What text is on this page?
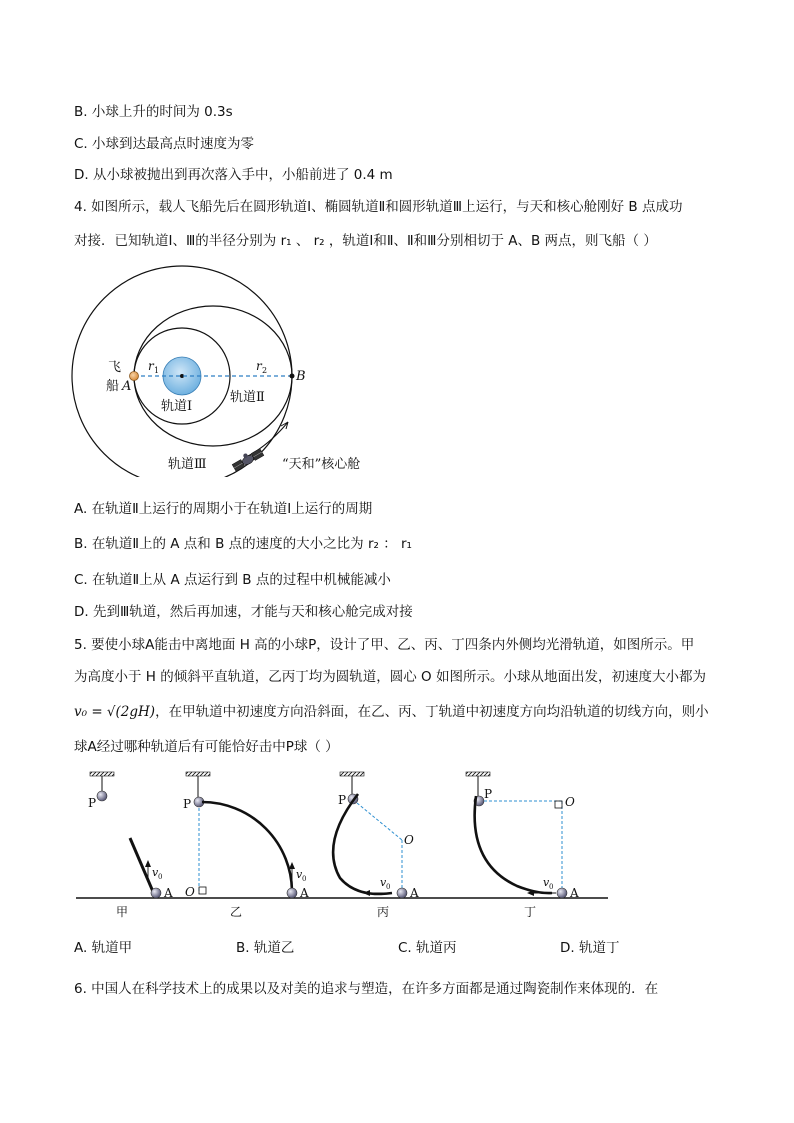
B. 小球上升的时间为 0.3s
C. 小球到达最高点时速度为零
D. 从小球被抛出到再次落入手中，小船前进了 0.4 m
4. 如图所示，载人飞船先后在圆形轨道Ⅰ、椭圆轨道Ⅱ和圆形轨道Ⅲ上运行，与天和核心舱刚好 B 点成功
对接．已知轨道Ⅰ、Ⅲ的半径分别为 r₁ 、 r₂ ，轨道Ⅰ和Ⅱ、Ⅱ和Ⅲ分别相切于 A、B 两点，则飞船（ ）
飞
船 A
B
r 1	r 2
轨道Ⅰ
轨道Ⅱ
轨道Ⅲ	“天和”核心舱
A. 在轨道Ⅱ上运行的周期小于在轨道Ⅰ上运行的周期
B. 在轨道Ⅱ上的 A 点和 B 点的速度的大小之比为 r₂ ： r₁
C. 在轨道Ⅱ上从 A 点运行到 B 点的过程中机械能减小
D. 先到Ⅲ轨道，然后再加速，才能与天和核心舱完成对接
5. 要使小球A能击中离地面 H 高的小球P，设计了甲、乙、丙、丁四条内外侧均光滑轨道，如图所示。甲
为高度小于 H 的倾斜平直轨道，乙丙丁均为圆轨道，圆心 O 如图所示。小球从地面出发，初速度大小都为
v₀ = √(2gH)，在甲轨道中初速度方向沿斜面，在乙、丙、丁轨道中初速度方向均沿轨道的切线方向，则小
球A经过哪种轨道后有可能恰好击中P球（ ）
P
v 0
A
甲
P
O
v 0
A
乙
P
O
v 0 A
丙
P
O
v 0 A
丁
A. 轨道甲	B. 轨道乙	C. 轨道丙	D. 轨道丁
6. 中国人在科学技术上的成果以及对美的追求与塑造，在许多方面都是通过陶瓷制作来体现的．在
